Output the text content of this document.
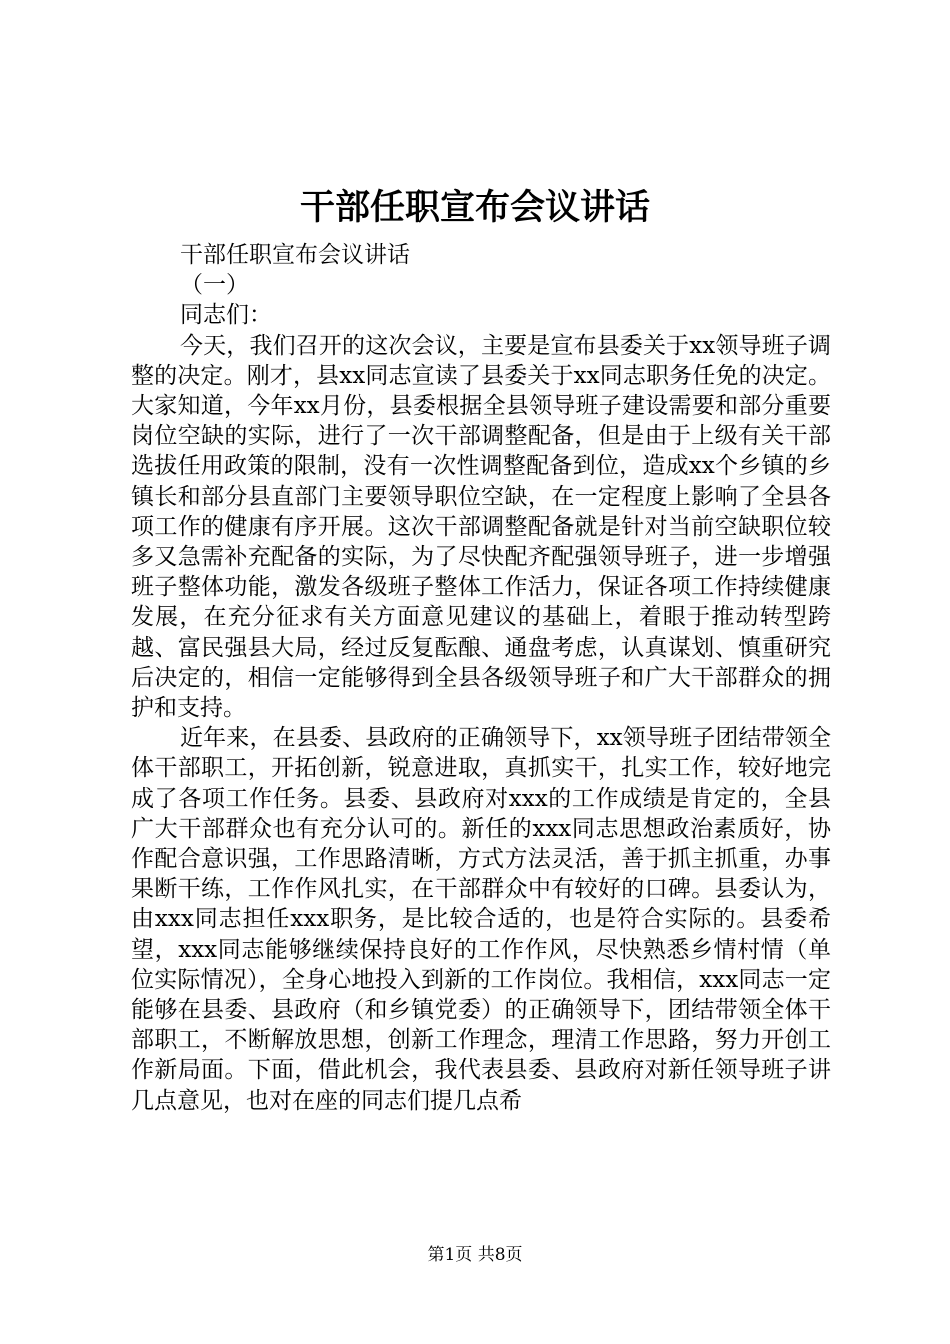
干部任职宣布会议讲话

干部任职宣布会议讲话

（一）

同志们：

今天，我们召开的这次会议，主要是宣布县委关于xx领导班子调整的决定。刚才，县xx同志宣读了县委关于xx同志职务任免的决定。大家知道，今年xx月份，县委根据全县领导班子建设需要和部分重要岗位空缺的实际，进行了一次干部调整配备，但是由于上级有关干部选拔任用政策的限制，没有一次性调整配备到位，造成xx个乡镇的乡镇长和部分县直部门主要领导职位空缺，在一定程度上影响了全县各项工作的健康有序开展。这次干部调整配备就是针对当前空缺职位较多又急需补充配备的实际，为了尽快配齐配强领导班子，进一步增强班子整体功能，激发各级班子整体工作活力，保证各项工作持续健康发展，在充分征求有关方面意见建议的基础上，着眼于推动转型跨越、富民强县大局，经过反复酝酿、通盘考虑，认真谋划、慎重研究后决定的，相信一定能够得到全县各级领导班子和广大干部群众的拥护和支持。

近年来，在县委、县政府的正确领导下，xx领导班子团结带领全体干部职工，开拓创新，锐意进取，真抓实干，扎实工作，较好地完成了各项工作任务。县委、县政府对xxx的工作成绩是肯定的，全县广大干部群众也有充分认可的。新任的xxx同志思想政治素质好，协作配合意识强，工作思路清晰，方式方法灵活，善于抓主抓重，办事果断干练，工作作风扎实，在干部群众中有较好的口碑。县委认为，由xxx同志担任xxx职务，是比较合适的，也是符合实际的。县委希望，xxx同志能够继续保持良好的工作作风，尽快熟悉乡情村情（单位实际情况），全身心地投入到新的工作岗位。我相信，xxx同志一定能够在县委、县政府（和乡镇党委）的正确领导下，团结带领全体干部职工，不断解放思想，创新工作理念，理清工作思路，努力开创工作新局面。下面，借此机会，我代表县委、县政府对新任领导班子讲几点意见，也对在座的同志们提几点希

第1页 共8页
